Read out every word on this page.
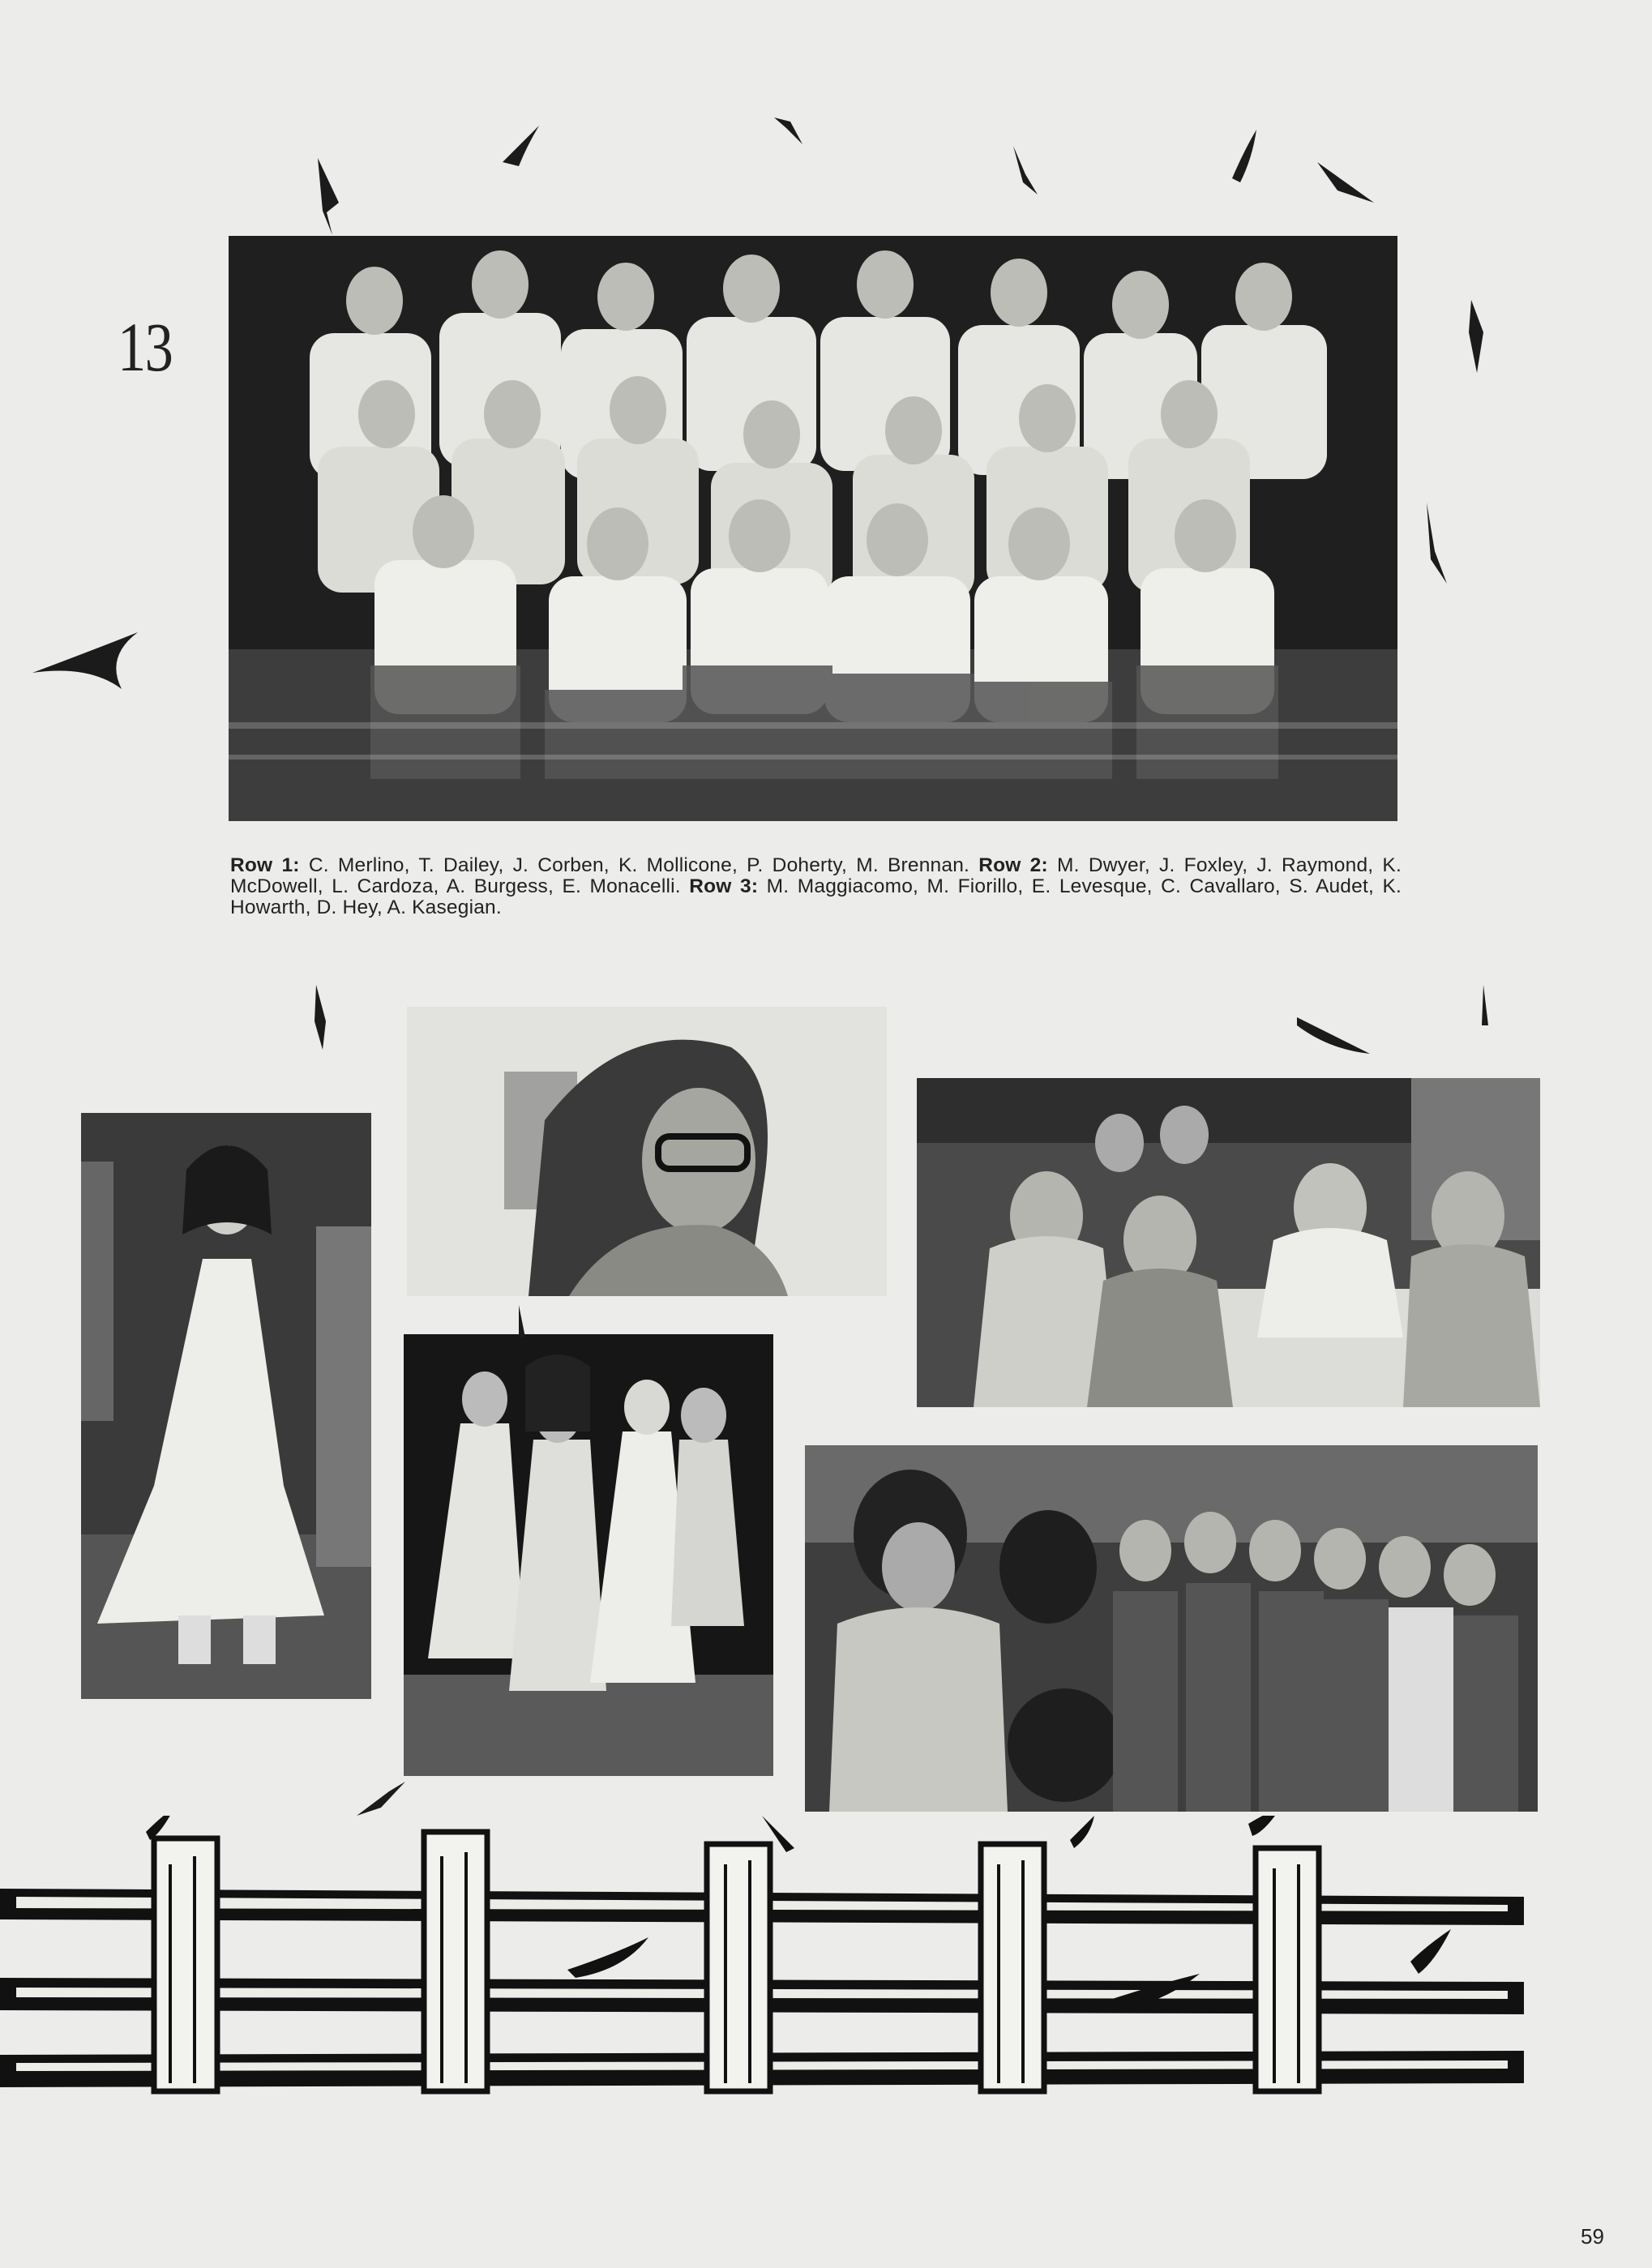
13
Row 1: C. Merlino, T. Dailey, J. Corben, K. Mollicone, P. Doherty, M. Brennan. Row 2: M. Dwyer, J. Foxley, J. Raymond, K. McDowell, L. Cardoza, A. Burgess, E. Monacelli. Row 3: M. Maggiacomo, M. Fiorillo, E. Levesque, C. Cavallaro, S. Audet, K. Howarth, D. Hey, A. Kasegian.
59
